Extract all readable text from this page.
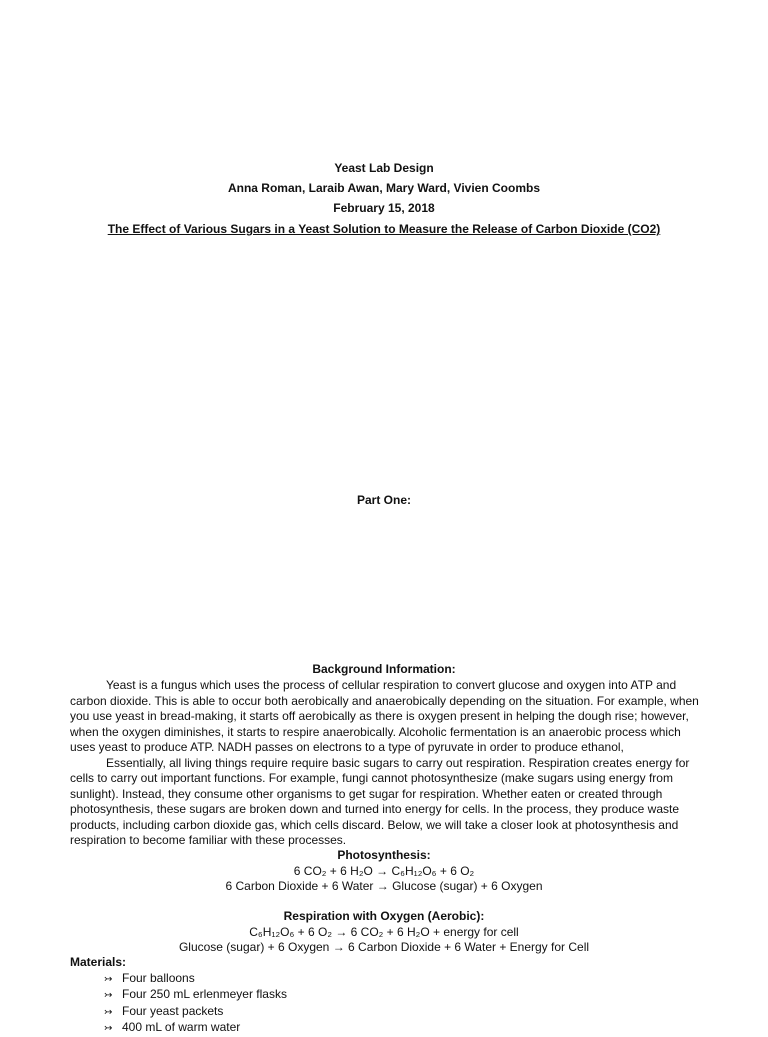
Yeast Lab Design
Anna Roman, Laraib Awan, Mary Ward, Vivien Coombs
February 15, 2018
The Effect of Various Sugars in a Yeast Solution to Measure the Release of Carbon Dioxide (CO2)
Part One:
Background Information:

Yeast is a fungus which uses the process of cellular respiration to convert glucose and oxygen into ATP and carbon dioxide. This is able to occur both aerobically and anaerobically depending on the situation. For example, when you use yeast in bread-making, it starts off aerobically as there is oxygen present in helping the dough rise; however, when the oxygen diminishes, it starts to respire anaerobically. Alcoholic fermentation is an anaerobic process which uses yeast to produce ATP. NADH passes on electrons to a type of pyruvate in order to produce ethanol,

Essentially, all living things require require basic sugars to carry out respiration. Respiration creates energy for cells to carry out important functions. For example, fungi cannot photosynthesize (make sugars using energy from sunlight). Instead, they consume other organisms to get sugar for respiration. Whether eaten or created through photosynthesis, these sugars are broken down and turned into energy for cells. In the process, they produce waste products, including carbon dioxide gas, which cells discard. Below, we will take a closer look at photosynthesis and respiration to become familiar with these processes.

Photosynthesis:
6 CO₂ + 6 H₂O → C₆H₁₂O₆ + 6 O₂
6 Carbon Dioxide + 6 Water → Glucose (sugar) + 6 Oxygen
Respiration with Oxygen (Aerobic):
C₆H₁₂O₆ + 6 O₂ → 6 CO₂ + 6 H₂O + energy for cell
Glucose (sugar) + 6 Oxygen → 6 Carbon Dioxide + 6 Water + Energy for Cell
Materials:
↣ Four balloons
↣ Four 250 mL erlenmeyer flasks
↣ Four yeast packets
↣ 400 mL of warm water
